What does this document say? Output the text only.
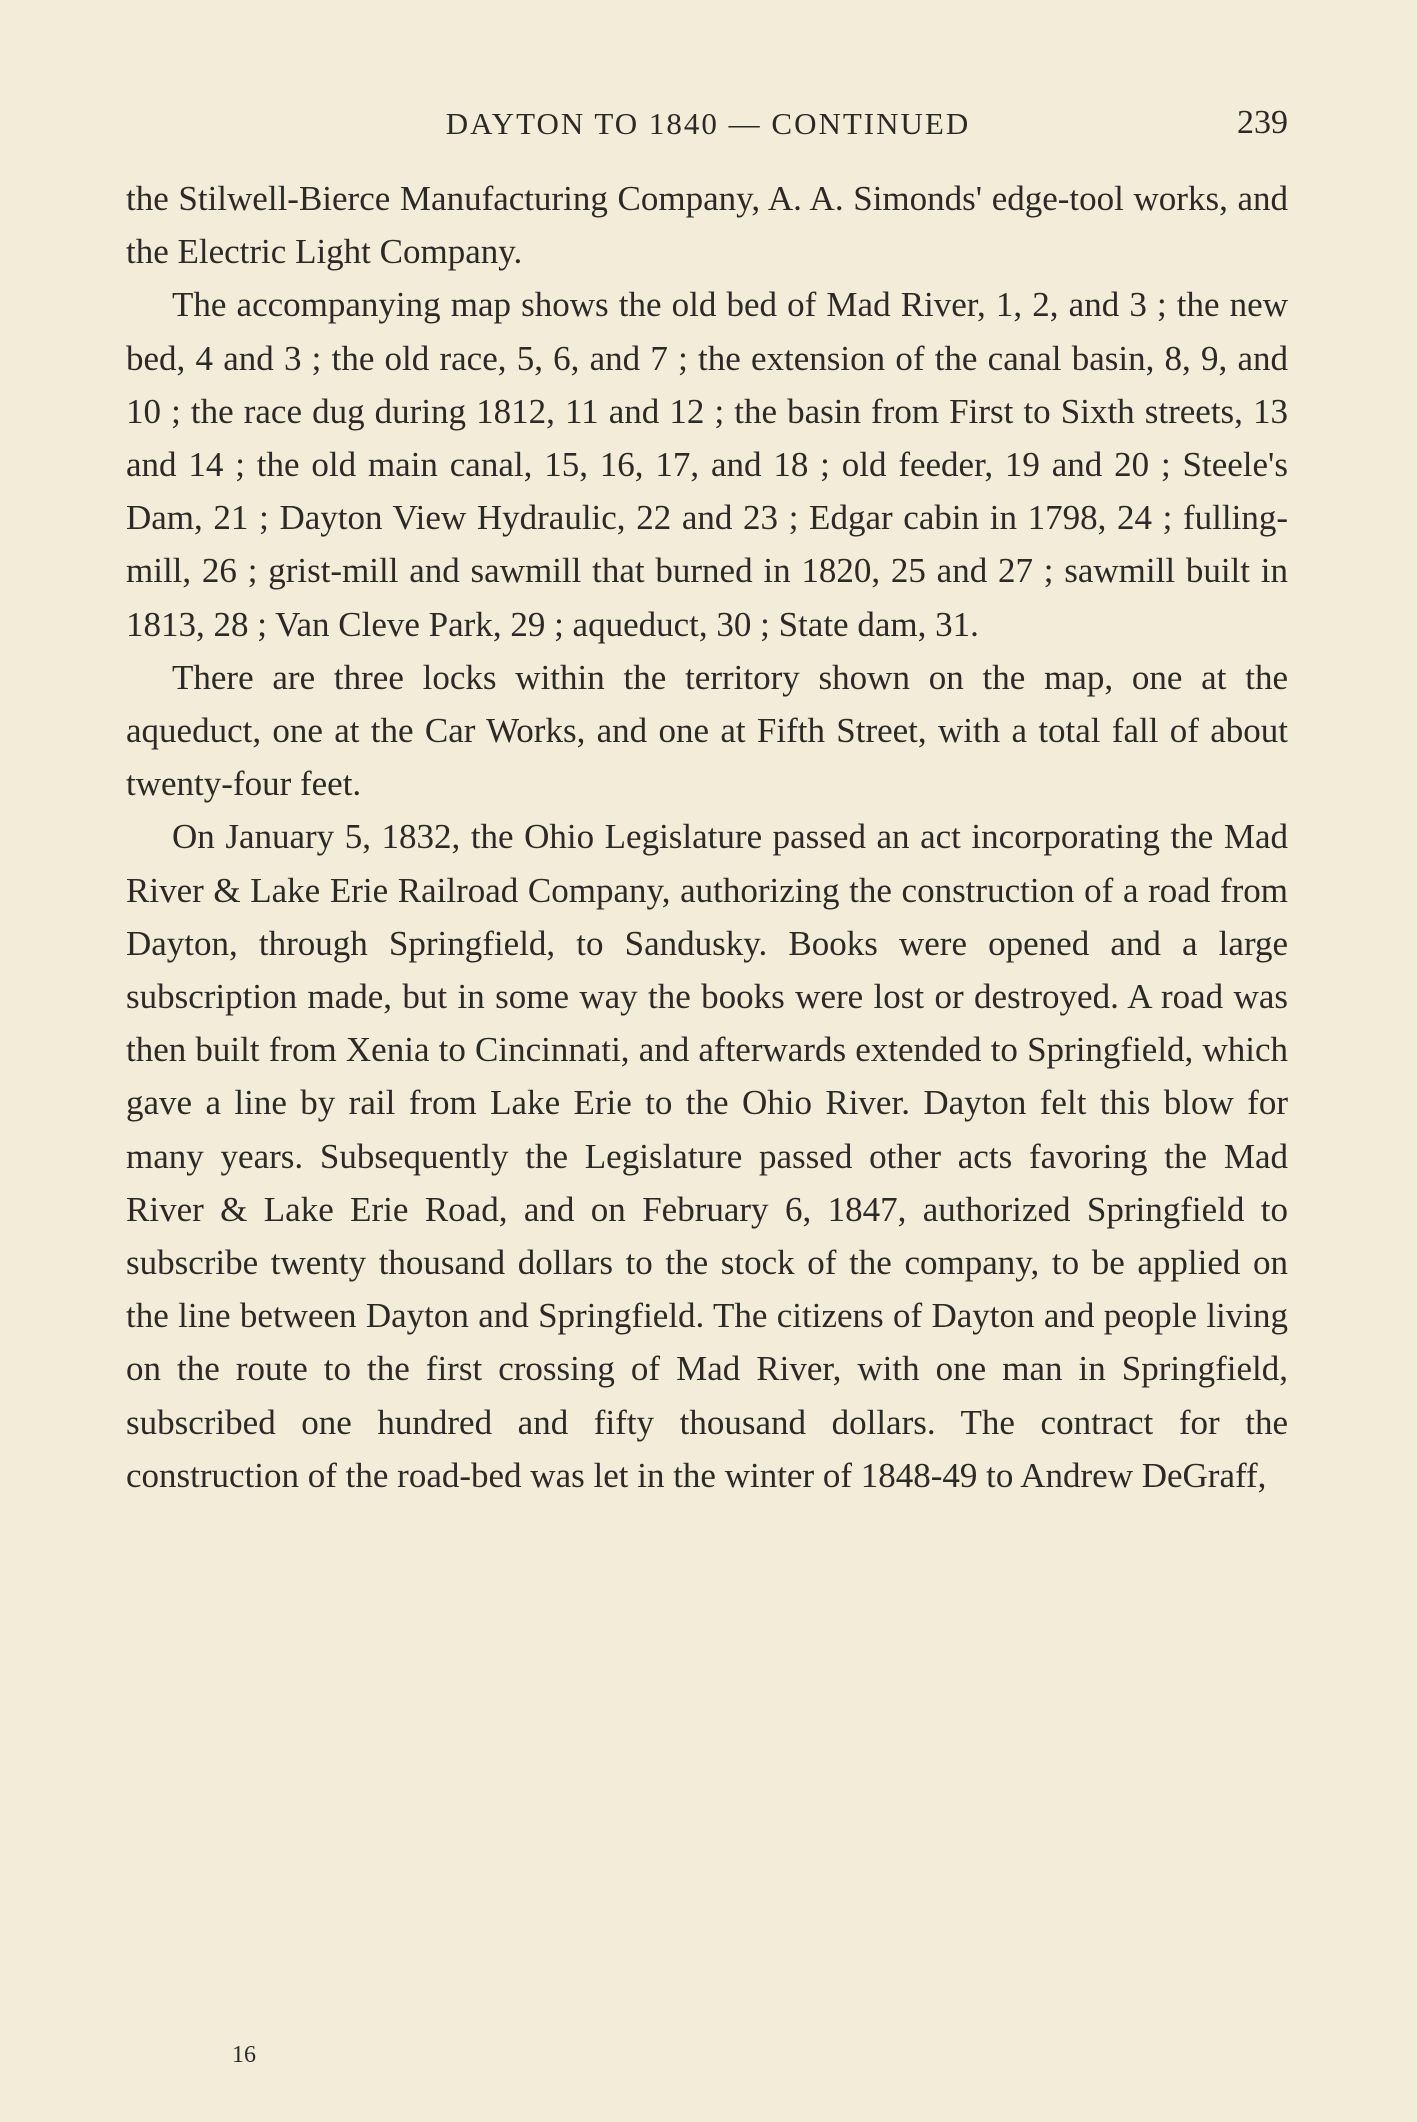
DAYTON TO 1840 — CONTINUED	239

the Stilwell-Bierce Manufacturing Company, A. A. Simonds' edge-tool works, and the Electric Light Company.

The accompanying map shows the old bed of Mad River, 1, 2, and 3 ; the new bed, 4 and 3 ; the old race, 5, 6, and 7 ; the extension of the canal basin, 8, 9, and 10 ; the race dug during 1812, 11 and 12 ; the basin from First to Sixth streets, 13 and 14 ; the old main canal, 15, 16, 17, and 18 ; old feeder, 19 and 20 ; Steele's Dam, 21 ; Dayton View Hydraulic, 22 and 23 ; Edgar cabin in 1798, 24 ; fulling-mill, 26 ; grist-mill and sawmill that burned in 1820, 25 and 27 ; sawmill built in 1813, 28 ; Van Cleve Park, 29 ; aqueduct, 30 ; State dam, 31.

There are three locks within the territory shown on the map, one at the aqueduct, one at the Car Works, and one at Fifth Street, with a total fall of about twenty-four feet.

On January 5, 1832, the Ohio Legislature passed an act incorporating the Mad River & Lake Erie Railroad Company, authorizing the construction of a road from Dayton, through Springfield, to Sandusky. Books were opened and a large subscription made, but in some way the books were lost or destroyed. A road was then built from Xenia to Cincinnati, and afterwards extended to Springfield, which gave a line by rail from Lake Erie to the Ohio River. Dayton felt this blow for many years. Subsequently the Legislature passed other acts favoring the Mad River & Lake Erie Road, and on February 6, 1847, authorized Springfield to subscribe twenty thousand dollars to the stock of the company, to be applied on the line between Dayton and Springfield. The citizens of Dayton and people living on the route to the first crossing of Mad River, with one man in Springfield, subscribed one hundred and fifty thousand dollars. The contract for the construction of the road-bed was let in the winter of 1848-49 to Andrew DeGraff,

16
